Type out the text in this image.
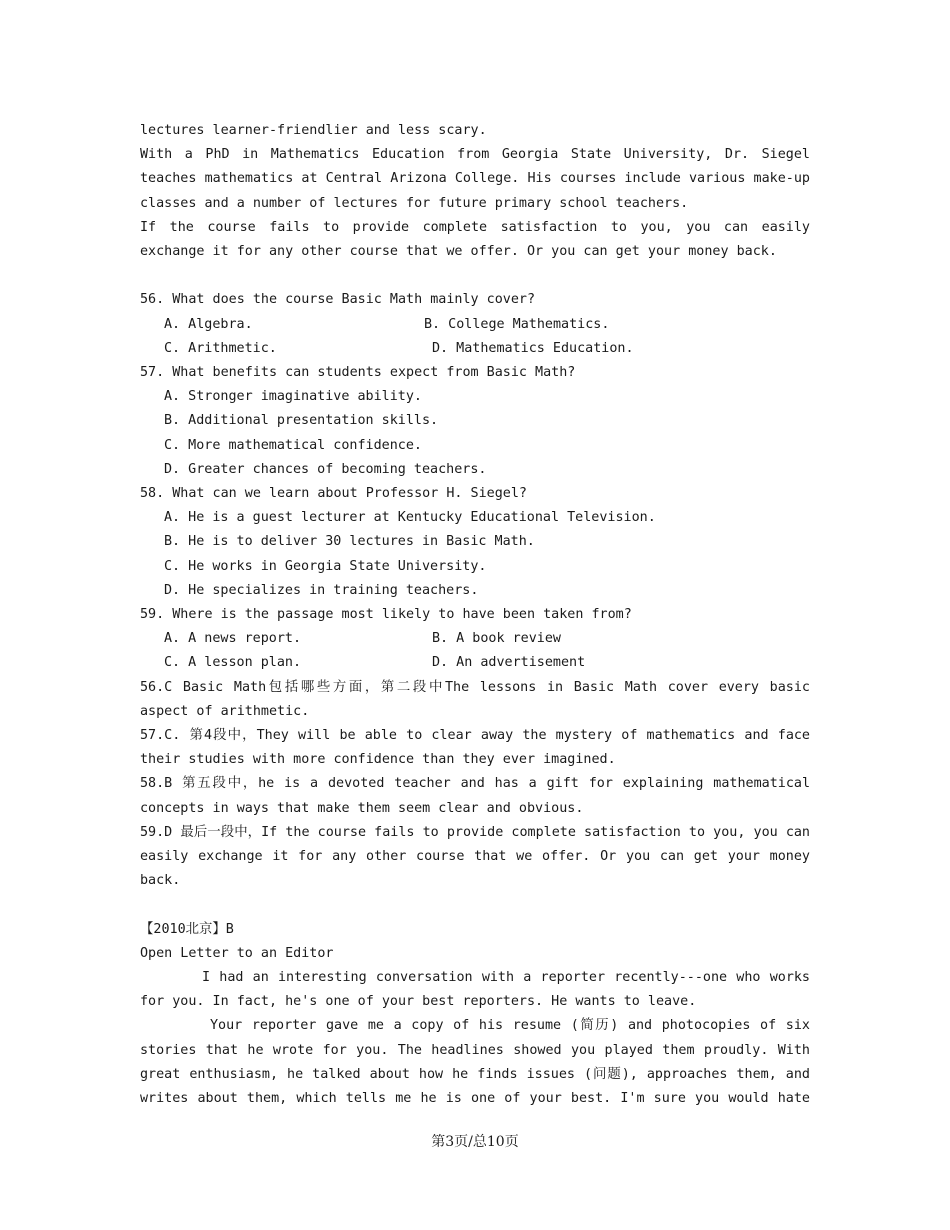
lectures learner-friendlier and less scary.
With a PhD in Mathematics Education from Georgia State University, Dr. Siegel teaches mathematics at Central Arizona College. His courses include various make-up classes and a number of lectures for future primary school teachers.
If the course fails to provide complete satisfaction to you, you can easily exchange it for any other course that we offer. Or you can get your money back.
56. What does the course Basic Math mainly cover?
A. Algebra.	B. College Mathematics.
C. Arithmetic.	D. Mathematics Education.
57. What benefits can students expect from Basic Math?
A. Stronger imaginative ability.
B. Additional presentation skills.
C. More mathematical confidence.
D. Greater chances of becoming teachers.
58. What can we learn about Professor H. Siegel?
A. He is a guest lecturer at Kentucky Educational Television.
B. He is to deliver 30 lectures in Basic Math.
C. He works in Georgia State University.
D. He specializes in training teachers.
59. Where is the passage most likely to have been taken from?
A. A news report.	B. A book review
C. A lesson plan.	D. An advertisement
56.C Basic Math包括哪些方面，第二段中The lessons in Basic Math cover every basic aspect of arithmetic.
57.C. 第4段中，They will be able to clear away the mystery of mathematics and face their studies with more confidence than they ever imagined.
58.B 第五段中，he is a devoted teacher and has a gift for explaining mathematical concepts in ways that make them seem clear and obvious.
59.D 最后一段中，If the course fails to provide complete satisfaction to you, you can easily exchange it for any other course that we offer. Or you can get your money back.
【2010北京】B
Open Letter to an Editor
I had an interesting conversation with a reporter recently---one who works for you. In fact, he's one of your best reporters. He wants to leave.
Your reporter gave me a copy of his resume (简历) and photocopies of six stories that he wrote for you. The headlines showed you played them proudly. With great enthusiasm, he talked about how he finds issues (问题), approaches them, and writes about them, which tells me he is one of your best. I'm sure you would hate
第3页/总10页
